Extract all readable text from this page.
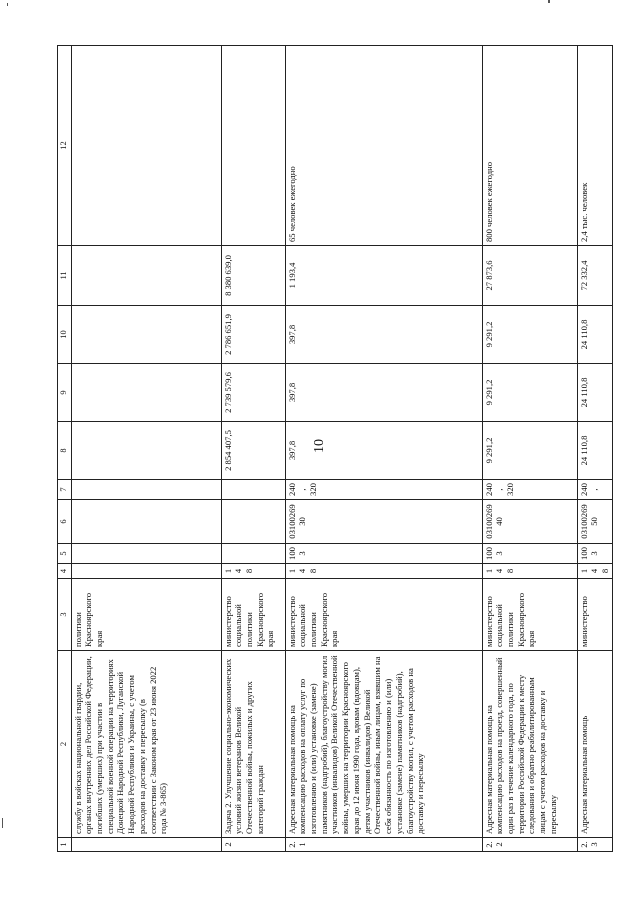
10
1	2	3	4	5	6	7	8	9	10	11	12
	службу в войсках национальной гвардии, органах внутренних дел Российской Федерации, погибших (умерших) при участии в специальной военной операции на территориях Донецкой Народной Республики, Луганской Народной Республики и Украины, с учетом расходов на доставку и пересылку (в соответствии с Законом края от 23 июня 2022 года № 3-865)	политики Красноярского края									
2	Задача 2. Улучшение социально-экономических условий жизни ветеранов Великой Отечественной войны, пожилых и других категорий граждан	министерство социальной политики Красноярского края	148				2 854 407,5	2 739 579,6	2 786 651,9	8 380 639,0	
2.1	Адресная материальная помощь на компенсацию расходов на оплату услуг по изготовлению и (или) установке (замене) памятников (надгробий), благоустройству могил участников (инвалидов) Великой Отечественной войны, умерших на территории Красноярского края до 12 июня 1990 года, вдовам (вдовцам), детям участников (инвалидов) Великой Отечественной войны, иным лицам, взявшим на себя обязанность по изготовлению и (или) установке (замене) памятников (надгробий), благоустройству могил, с учетом расходов на доставку и пересылку	министерство социальной политики Красноярского края	148	1003	0310026930	240, 320	397,8	397,8	397,8	1 193,4	65 человек ежегодно
2.2	Адресная материальная помощь на компенсацию расходов на проезд, совершенный один раз в течение календарного года, по территории Российской Федерации к месту следования и обратно реабилитированным лицам с учетом расходов на доставку и пересылку	министерство социальной политики Красноярского края	148	1003	0310026940	240, 320	9 291,2	9 291,2	9 291,2	27 873,6	800 человек ежегодно
2.3	Адресная материальная помощь	министерство	148	1003	0310026950	240,	24 110,8	24 110,8	24 110,8	72 332,4	2,4 тыс. человек
